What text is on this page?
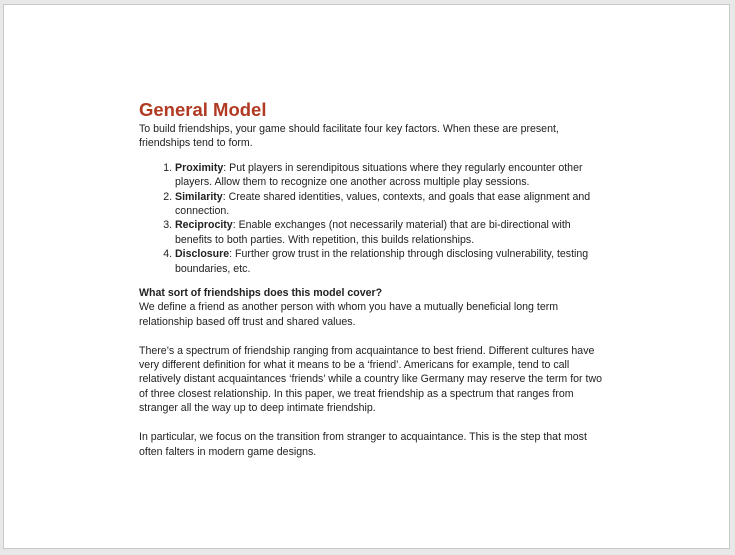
General Model

To build friendships, your game should facilitate four key factors. When these are present, friendships tend to form.

1. Proximity: Put players in serendipitous situations where they regularly encounter other players. Allow them to recognize one another across multiple play sessions.
2. Similarity: Create shared identities, values, contexts, and goals that ease alignment and connection.
3. Reciprocity: Enable exchanges (not necessarily material) that are bi-directional with benefits to both parties. With repetition, this builds relationships.
4. Disclosure: Further grow trust in the relationship through disclosing vulnerability, testing boundaries, etc.

What sort of friendships does this model cover?

We define a friend as another person with whom you have a mutually beneficial long term relationship based off trust and shared values.

There’s a spectrum of friendship ranging from acquaintance to best friend. Different cultures have very different definition for what it means to be a ‘friend’. Americans for example, tend to call relatively distant acquaintances ‘friends’ while a country like Germany may reserve the term for two of three closest relationship. In this paper, we treat friendship as a spectrum that ranges from stranger all the way up to deep intimate friendship.

In particular, we focus on the transition from stranger to acquaintance. This is the step that most often falters in modern game designs.
